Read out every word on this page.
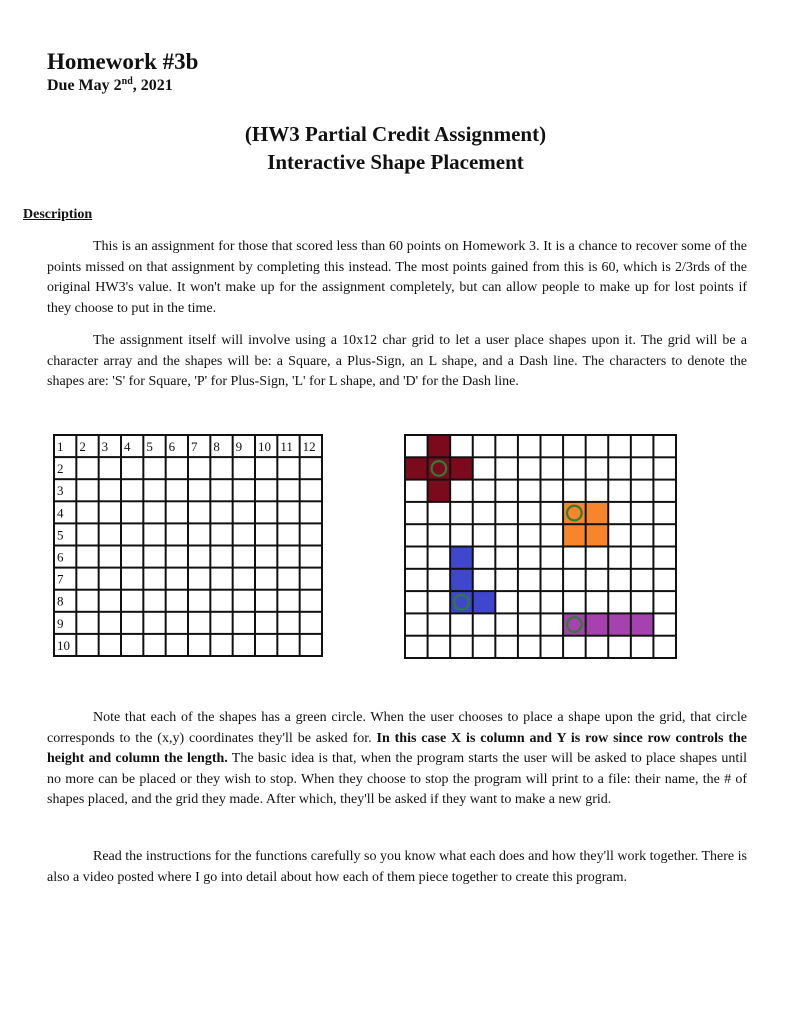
Homework #3b
Due May 2nd, 2021
(HW3 Partial Credit Assignment)
Interactive Shape Placement
Description

This is an assignment for those that scored less than 60 points on Homework 3. It is a chance to recover some of the points missed on that assignment by completing this instead. The most points gained from this is 60, which is 2/3rds of the original HW3's value. It won't make up for the assignment completely, but can allow people to make up for lost points if they choose to put in the time.

The assignment itself will involve using a 10x12 char grid to let a user place shapes upon it. The grid will be a character array and the shapes will be: a Square, a Plus-Sign, an L shape, and a Dash line. The characters to denote the shapes are: 'S' for Square, 'P' for Plus-Sign, 'L' for L shape, and 'D' for the Dash line.

1 2 3 4 5 6 7 8 9 10 11 12
2
3
4
5
6
7
8
9
10

Note that each of the shapes has a green circle. When the user chooses to place a shape upon the grid, that circle corresponds to the (x,y) coordinates they'll be asked for. In this case X is column and Y is row since row controls the height and column the length. The basic idea is that, when the program starts the user will be asked to place shapes until no more can be placed or they wish to stop. When they choose to stop the program will print to a file: their name, the # of shapes placed, and the grid they made. After which, they'll be asked if they want to make a new grid.

Read the instructions for the functions carefully so you know what each does and how they'll work together. There is also a video posted where I go into detail about how each of them piece together to create this program.
